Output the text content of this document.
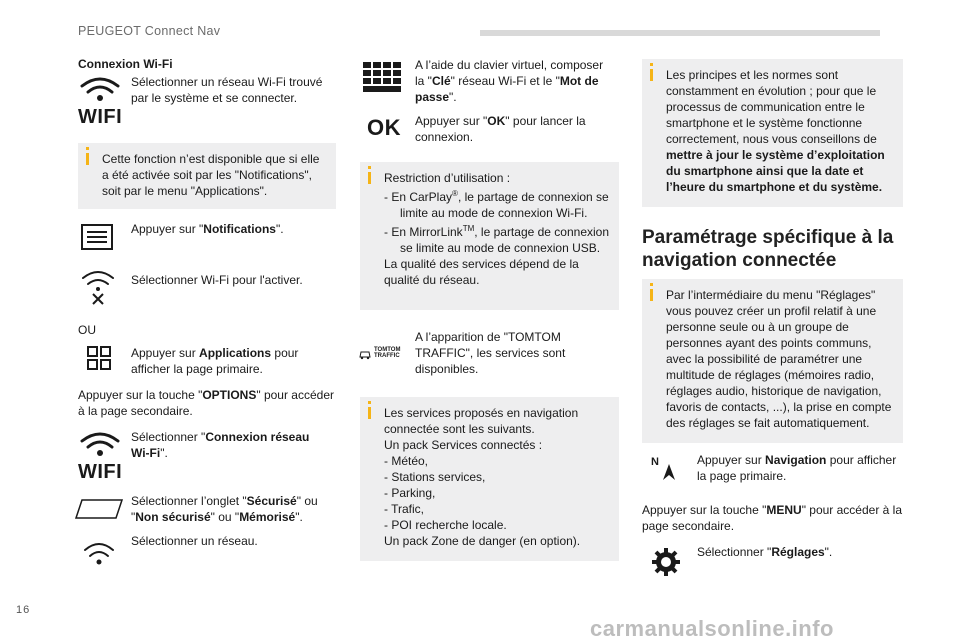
PEUGEOT Connect Nav
Connexion Wi-Fi
WIFI
Sélectionner un réseau Wi-Fi trouvé par le système et se connecter.
Cette fonction n’est disponible que si elle a été activée soit par les "Notifications", soit par le menu "Applications".
Appuyer sur "Notifications".
Sélectionner Wi-Fi pour l'activer.
OU
Appuyer sur Applications pour afficher la page primaire.
Appuyer sur la touche "OPTIONS" pour accéder à la page secondaire.
WIFI
Sélectionner "Connexion réseau Wi-Fi".
Sélectionner l’onglet "Sécurisé" ou "Non sécurisé" ou "Mémorisé".
Sélectionner un réseau.
A l’aide du clavier virtuel, composer la "Clé" réseau Wi-Fi et le "Mot de passe".
OK Appuyer sur "OK" pour lancer la connexion.
Restriction d’utilisation :
- En CarPlay®, le partage de connexion se limite au mode de connexion Wi-Fi.
- En MirrorLink™, le partage de connexion se limite au mode de connexion USB.
La qualité des services dépend de la qualité du réseau.
TOMTOM
TRAFFIC
A l’apparition de "TOMTOM TRAFFIC", les services sont disponibles.
Les services proposés en navigation connectée sont les suivants.
Un pack Services connectés :
- Météo,
- Stations services,
- Parking,
- Trafic,
- POI recherche locale.
Un pack Zone de danger (en option).
Les principes et les normes sont constamment en évolution ; pour que le processus de communication entre le smartphone et le système fonctionne correctement, nous vous conseillons de mettre à jour le système d’exploitation du smartphone ainsi que la date et l’heure du smartphone et du système.
Paramétrage spécifique à la navigation connectée
Par l’intermédiaire du menu "Réglages" vous pouvez créer un profil relatif à une personne seule ou à un groupe de personnes ayant des points communs, avec la possibilité de paramétrer une multitude de réglages (mémoires radio, réglages audio, historique de navigation, favoris de contacts, ...), la prise en compte des réglages se fait automatiquement.
N	Appuyer sur Navigation pour afficher la page primaire.
Appuyer sur la touche "MENU" pour accéder à la page secondaire.
Sélectionner "Réglages".
16
carmanualsonline.info
